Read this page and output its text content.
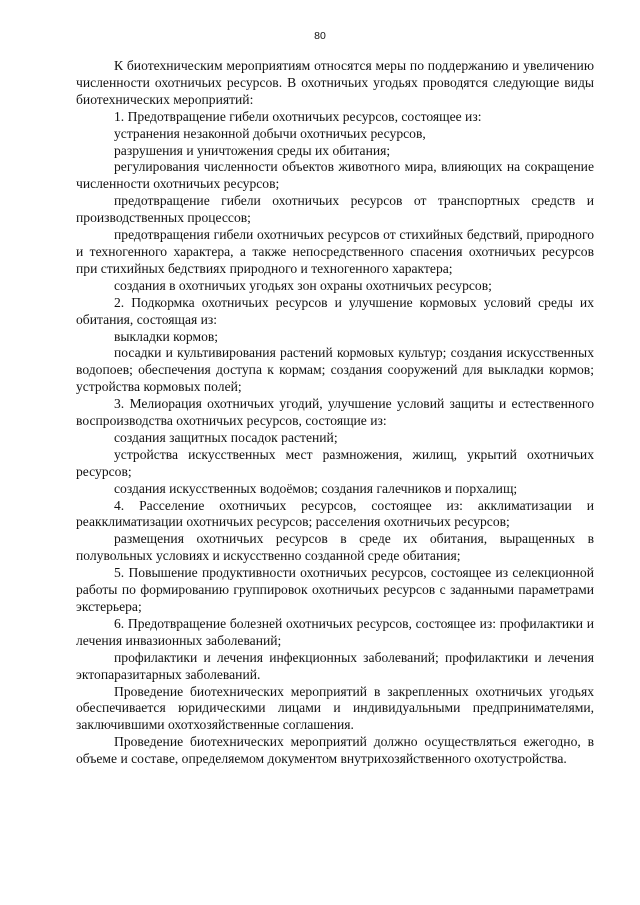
80

К биотехническим мероприятиям относятся меры по поддержанию и увеличению численности охотничьих ресурсов. В охотничьих угодьях проводятся следующие виды биотехнических мероприятий:

1. Предотвращение гибели охотничьих ресурсов, состоящее из:

устранения незаконной добычи охотничьих ресурсов,

разрушения и уничтожения среды их обитания;

регулирования численности объектов животного мира, влияющих на сокращение численности охотничьих ресурсов;

предотвращение гибели охотничьих ресурсов от транспортных средств и производственных процессов;

предотвращения гибели охотничьих ресурсов от стихийных бедствий, природного и техногенного характера, а также непосредственного спасения охотничьих ресурсов при стихийных бедствиях природного и техногенного характера;

создания в охотничьих угодьях зон охраны охотничьих ресурсов;

2. Подкормка охотничьих ресурсов и улучшение кормовых условий среды их обитания, состоящая из:

выкладки кормов;

посадки и культивирования растений кормовых культур; создания искусственных водопоев; обеспечения доступа к кормам; создания сооружений для выкладки кормов; устройства кормовых полей;

3. Мелиорация охотничьих угодий, улучшение условий защиты и естественного воспроизводства охотничьих ресурсов, состоящие из:

создания защитных посадок растений;

устройства искусственных мест размножения, жилищ, укрытий охотничьих ресурсов;

создания искусственных водоёмов; создания галечников и порхалищ;

4. Расселение охотничьих ресурсов, состоящее из: акклиматизации и реакклиматизации охотничьих ресурсов; расселения охотничьих ресурсов;

размещения охотничьих ресурсов в среде их обитания, выращенных в полувольных условиях и искусственно созданной среде обитания;

5. Повышение продуктивности охотничьих ресурсов, состоящее из селекционной работы по формированию группировок охотничьих ресурсов с заданными параметрами экстерьера;

6. Предотвращение болезней охотничьих ресурсов, состоящее из: профилактики и лечения инвазионных заболеваний;

профилактики и лечения инфекционных заболеваний; профилактики и лечения эктопаразитарных заболеваний.

Проведение биотехнических мероприятий в закрепленных охотничьих угодьях обеспечивается юридическими лицами и индивидуальными предпринимателями, заключившими охотхозяйственные соглашения.

Проведение биотехнических мероприятий должно осуществляться ежегодно, в объеме и составе, определяемом документом внутрихозяйственного охотустройства.
